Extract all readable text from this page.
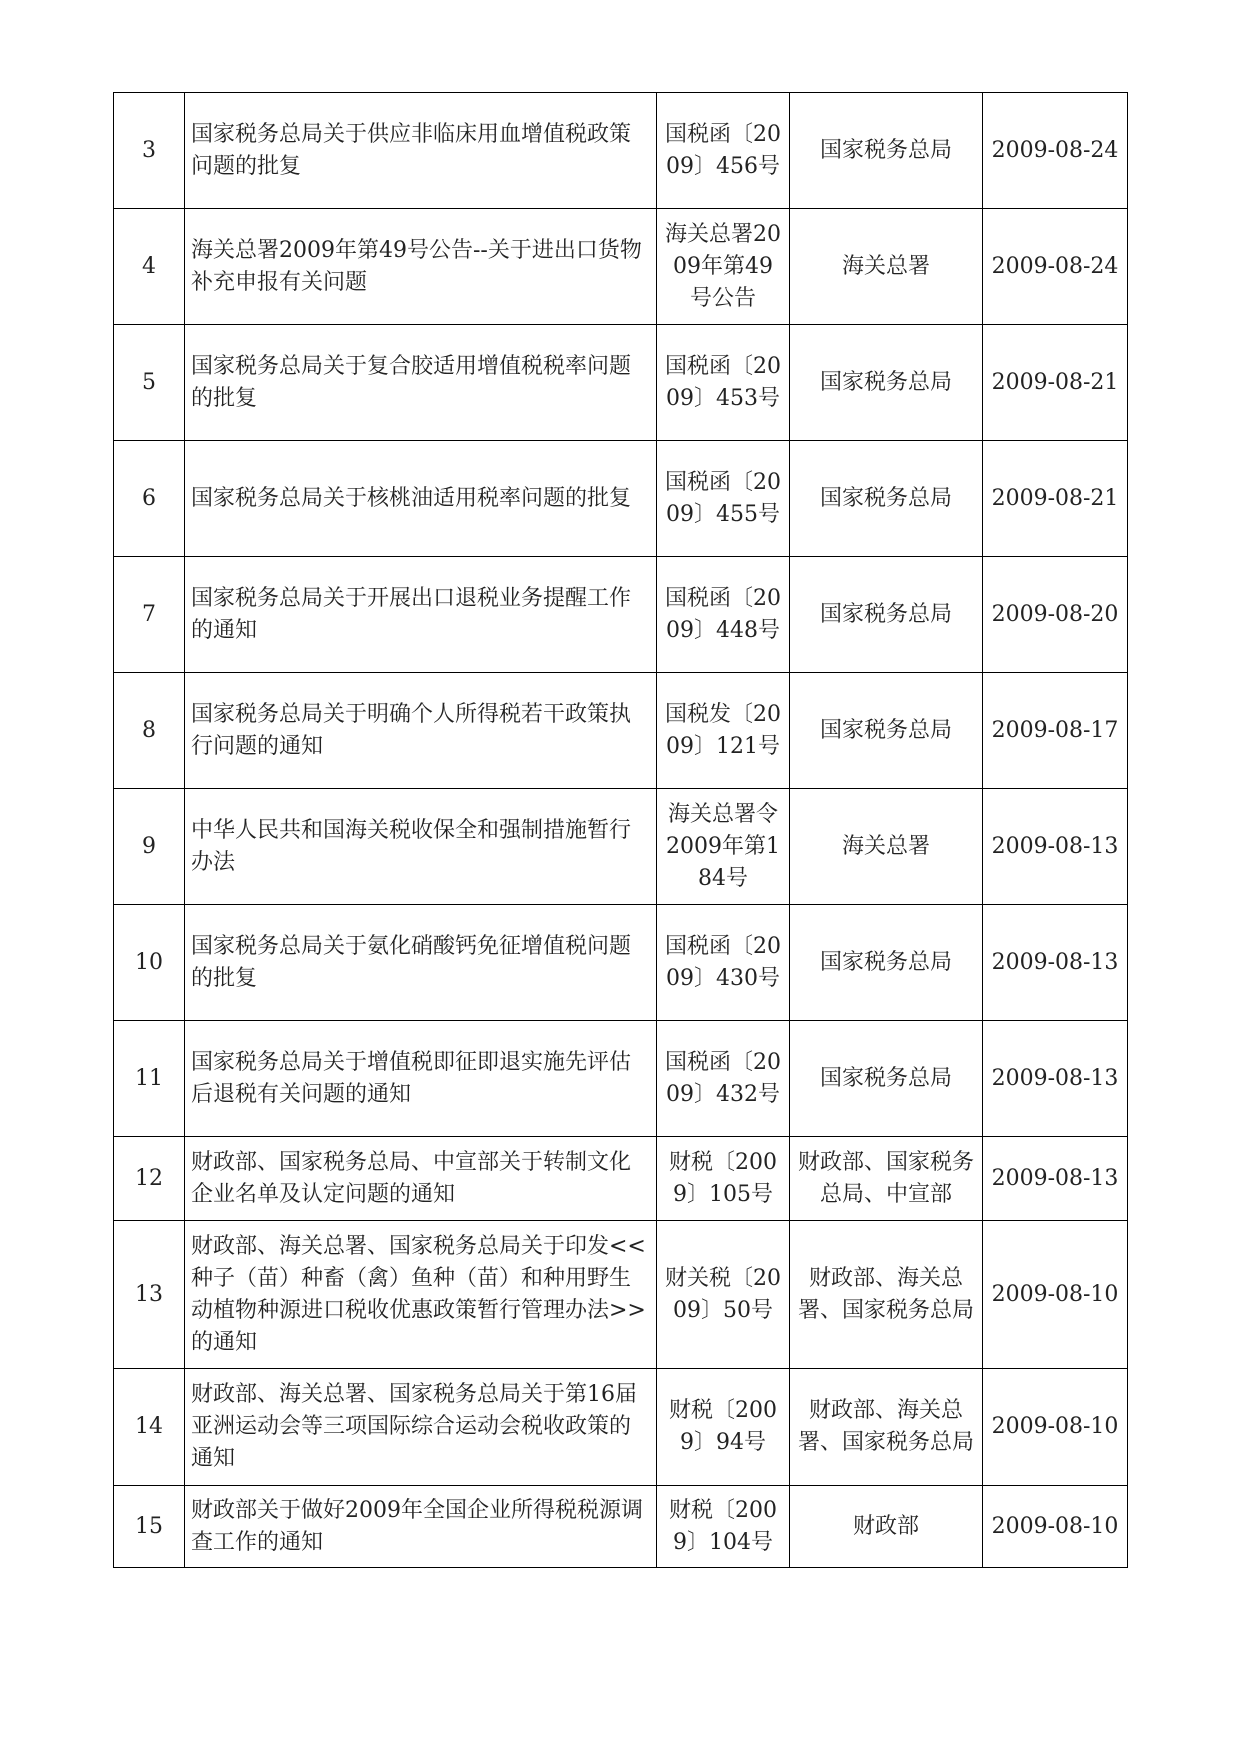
3	国家税务总局关于供应非临床用血增值税政策问题的批复	国税函〔2009〕456号	国家税务总局	2009-08-24
4	海关总署2009年第49号公告--关于进出口货物补充申报有关问题	海关总署2009年第49号公告	海关总署	2009-08-24
5	国家税务总局关于复合胶适用增值税税率问题的批复	国税函〔2009〕453号	国家税务总局	2009-08-21
6	国家税务总局关于核桃油适用税率问题的批复	国税函〔2009〕455号	国家税务总局	2009-08-21
7	国家税务总局关于开展出口退税业务提醒工作的通知	国税函〔2009〕448号	国家税务总局	2009-08-20
8	国家税务总局关于明确个人所得税若干政策执行问题的通知	国税发〔2009〕121号	国家税务总局	2009-08-17
9	中华人民共和国海关税收保全和强制措施暂行办法	海关总署令2009年第184号	海关总署	2009-08-13
10	国家税务总局关于氨化硝酸钙免征增值税问题的批复	国税函〔2009〕430号	国家税务总局	2009-08-13
11	国家税务总局关于增值税即征即退实施先评估后退税有关问题的通知	国税函〔2009〕432号	国家税务总局	2009-08-13
12	财政部、国家税务总局、中宣部关于转制文化企业名单及认定问题的通知	财税〔2009〕105号	财政部、国家税务总局、中宣部	2009-08-13
13	财政部、海关总署、国家税务总局关于印发<<种子（苗）种畜（禽）鱼种（苗）和种用野生动植物种源进口税收优惠政策暂行管理办法>>的通知	财关税〔2009〕50号	财政部、海关总署、国家税务总局	2009-08-10
14	财政部、海关总署、国家税务总局关于第16届亚洲运动会等三项国际综合运动会税收政策的通知	财税〔2009〕94号	财政部、海关总署、国家税务总局	2009-08-10
15	财政部关于做好2009年全国企业所得税税源调查工作的通知	财税〔2009〕104号	财政部	2009-08-10
